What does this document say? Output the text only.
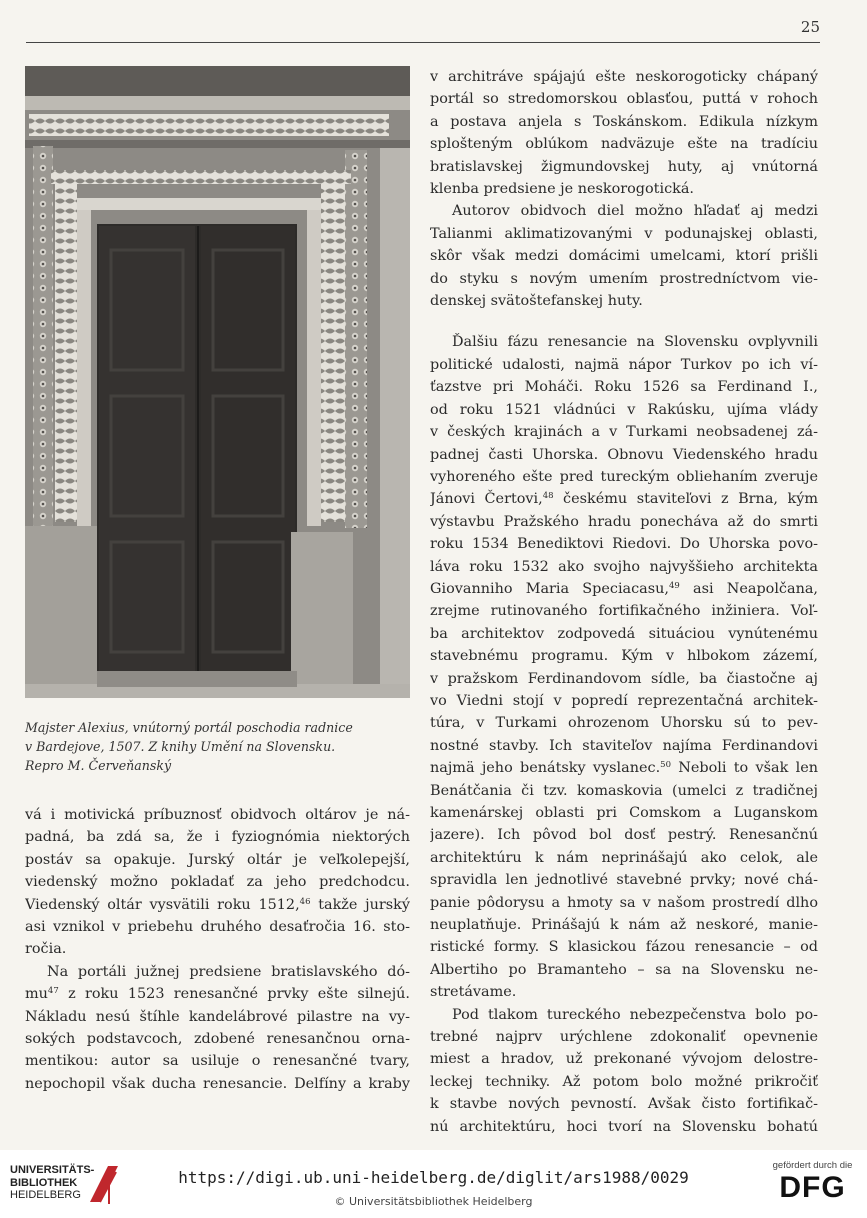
25
Majster Alexius, vnútorný portál poschodia radnice
v Bardejove, 1507. Z knihy Umění na Slovensku.
Repro M. Červeňanský
v architráve spájajú ešte neskorogoticky chápaný
portál so stredomorskou oblasťou, puttá v rohoch
a postava anjela s Toskánskom. Edikula nízkym
splošteným oblúkom nadväzuje ešte na tradíciu
bratislavskej žigmundovskej huty, aj vnútorná
klenba predsiene je neskorogotická.
Autorov obidvoch diel možno hľadať aj medzi
Talianmi aklimatizovanými v podunajskej oblasti,
skôr však medzi domácimi umelcami, ktorí prišli
do styku s novým umením prostredníctvom vie-
denskej svätoštefanskej huty.
Ďalšiu fázu renesancie na Slovensku ovplyvnili
politické udalosti, najmä nápor Turkov po ich ví-
ťazstve pri Moháči. Roku 1526 sa Ferdinand I.,
od roku 1521 vládnúci v Rakúsku, ujíma vlády
v českých krajinách a v Turkami neobsadenej zá-
padnej časti Uhorska. Obnovu Viedenského hradu
vyhoreného ešte pred tureckým obliehaním zveruje
Jánovi Čertovi,$^{48}$ českému staviteľovi z Brna, kým
výstavbu Pražského hradu ponecháva až do smrti
roku 1534 Benediktovi Riedovi. Do Uhorska povo-
láva roku 1532 ako svojho najvyššieho architekta
Giovanniho Maria Speciacasu,$^{49}$ asi Neapolčana,
zrejme rutinovaného fortifikačného inžiniera. Voľ-
ba architektov zodpovedá situáciou vynútenému
stavebnému programu. Kým v hlbokom zázemí,
v pražskom Ferdinandovom sídle, ba čiastočne aj
vo Viedni stojí v popredí reprezentačná architek-
túra, v Turkami ohrozenom Uhorsku sú to pev-
nostné stavby. Ich staviteľov najíma Ferdinandovi
najmä jeho benátsky vyslanec.$^{50}$ Neboli to však len
Benátčania či tzv. komaskovia (umelci z tradičnej
kamenárskej oblasti pri Comskom a Luganskom
jazere). Ich pôvod bol dosť pestrý. Renesančnú
architektúru k nám neprinášajú ako celok, ale
spravidla len jednotlivé stavebné prvky; nové chá-
panie pôdorysu a hmoty sa v našom prostredí dlho
neuplatňuje. Prinášajú k nám až neskoré, manie-
ristické formy. S klasickou fázou renesancie – od
Albertiho po Bramanteho – sa na Slovensku ne-
stretávame.
Pod tlakom tureckého nebezpečenstva bolo po-
trebné najprv urýchlene zdokonaliť opevnenie
miest a hradov, už prekonané vývojom delostre-
leckej techniky. Až potom bolo možné prikročiť
k stavbe nových pevností. Avšak čisto fortifikač-
nú architektúru, hoci tvorí na Slovensku bohatú
vá i motivická príbuznosť obidvoch oltárov je ná-
padná, ba zdá sa, že i fyziognómia niektorých
postáv sa opakuje. Jurský oltár je veľkolepejší,
viedenský možno pokladať za jeho predchodcu.
Viedenský oltár vysvätili roku 1512,46 takže jurský
asi vznikol v priebehu druhého desaťročia 16. sto-
ročia.
Na portáli južnej predsiene bratislavského dó-
$mu^{47}$ z roku 1523 renesančné prvky ešte silnejú.
Nákladu nesú štíhle kandelábrové pilastre na vy-
sokých podstavcoch, zdobené renesančnou orna-
mentikou: autor sa usiluje o renesančné tvary,
nepochopil však ducha renesancie. Delfíny a kraby
UNIVERSITÄTS-
BIBLIOTHEK
HEIDELBERG
https://digi.ub.uni-heidelberg.de/diglit/ars1988/0029
© Universitätsbibliothek Heidelberg
gefördert durch die
DFG
